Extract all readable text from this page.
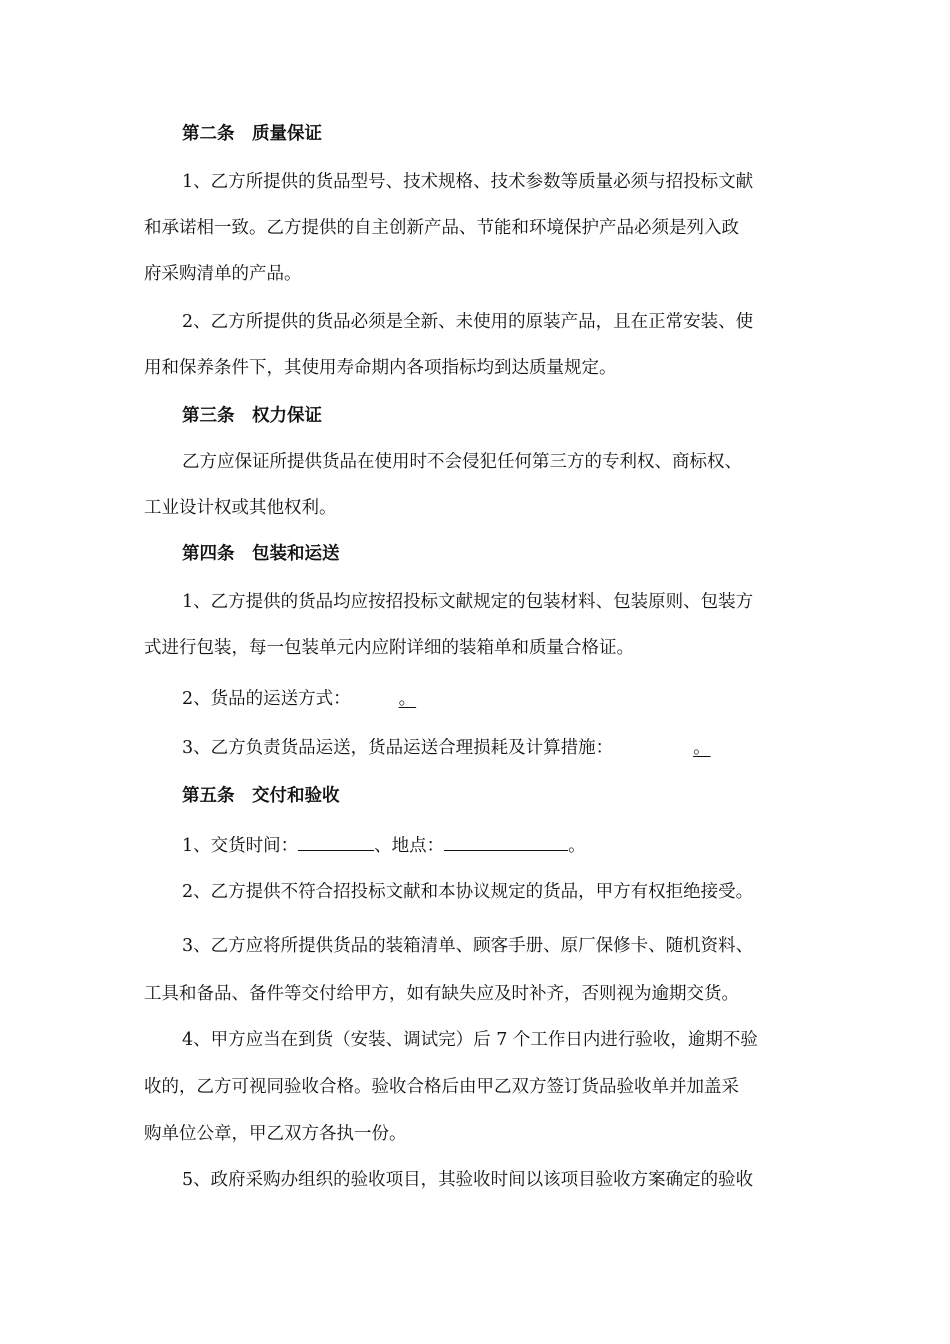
第二条　质量保证
1、乙方所提供的货品型号、技术规格、技术参数等质量必须与招投标文献
和承诺相一致。乙方提供的自主创新产品、节能和环境保护产品必须是列入政
府采购清单的产品。
2、乙方所提供的货品必须是全新、未使用的原装产品，且在正常安装、使
用和保养条件下，其使用寿命期内各项指标均到达质量规定。
第三条　权力保证
乙方应保证所提供货品在使用时不会侵犯任何第三方的专利权、商标权、
工业设计权或其他权利。
第四条　包装和运送
1、乙方提供的货品均应按招投标文献规定的包装材料、包装原则、包装方
式进行包装，每一包装单元内应附详细的装箱单和质量合格证。
2、货品的运送方式：	。
3、乙方负责货品运送，货品运送合理损耗及计算措施：	。
第五条　交付和验收
1、交货时间：	、地点：	。
2、乙方提供不符合招投标文献和本协议规定的货品，甲方有权拒绝接受。
3、乙方应将所提供货品的装箱清单、顾客手册、原厂保修卡、随机资料、
工具和备品、备件等交付给甲方，如有缺失应及时补齐，否则视为逾期交货。
4、甲方应当在到货（安装、调试完）后 7 个工作日内进行验收，逾期不验
收的，乙方可视同验收合格。验收合格后由甲乙双方签订货品验收单并加盖采
购单位公章，甲乙双方各执一份。
5、政府采购办组织的验收项目，其验收时间以该项目验收方案确定的验收
